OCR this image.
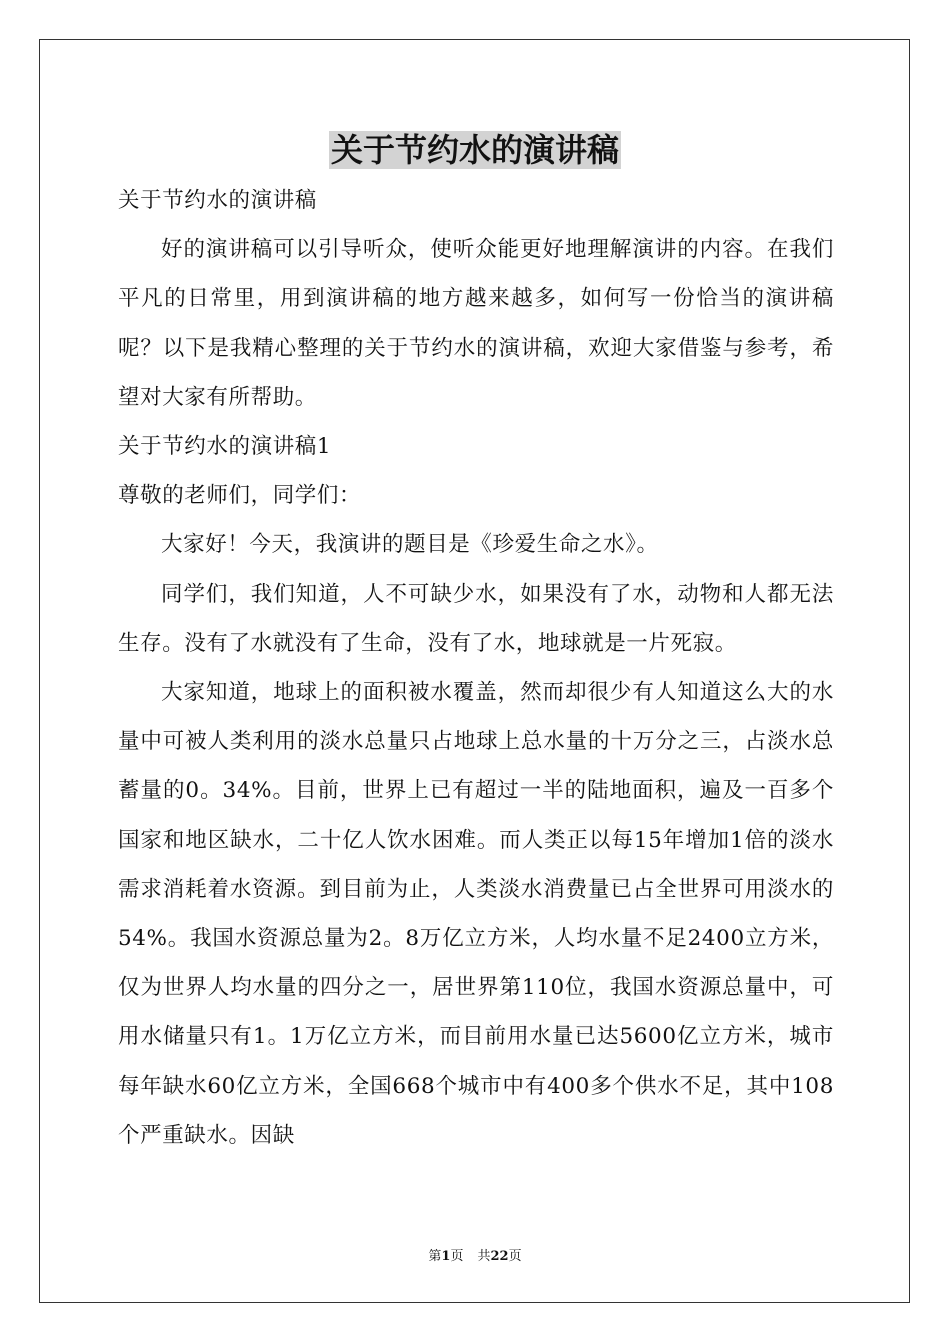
关于节约水的演讲稿

关于节约水的演讲稿

好的演讲稿可以引导听众，使听众能更好地理解演讲的内容。在我们平凡的日常里，用到演讲稿的地方越来越多，如何写一份恰当的演讲稿呢？以下是我精心整理的关于节约水的演讲稿，欢迎大家借鉴与参考，希望对大家有所帮助。

关于节约水的演讲稿1

尊敬的老师们，同学们：

大家好！今天，我演讲的题目是《珍爱生命之水》。

同学们，我们知道，人不可缺少水，如果没有了水，动物和人都无法生存。没有了水就没有了生命，没有了水，地球就是一片死寂。

大家知道，地球上的面积被水覆盖，然而却很少有人知道这么大的水量中可被人类利用的淡水总量只占地球上总水量的十万分之三，占淡水总蓄量的0。34%。目前，世界上已有超过一半的陆地面积，遍及一百多个国家和地区缺水，二十亿人饮水困难。而人类正以每15年增加1倍的淡水需求消耗着水资源。到目前为止，人类淡水消费量已占全世界可用淡水的54%。我国水资源总量为2。8万亿立方米，人均水量不足2400立方米，仅为世界人均水量的四分之一，居世界第110位，我国水资源总量中，可用水储量只有1。1万亿立方米，而目前用水量已达5600亿立方米，城市每年缺水60亿立方米，全国668个城市中有400多个供水不足，其中108个严重缺水。因缺

第1页 共22页
